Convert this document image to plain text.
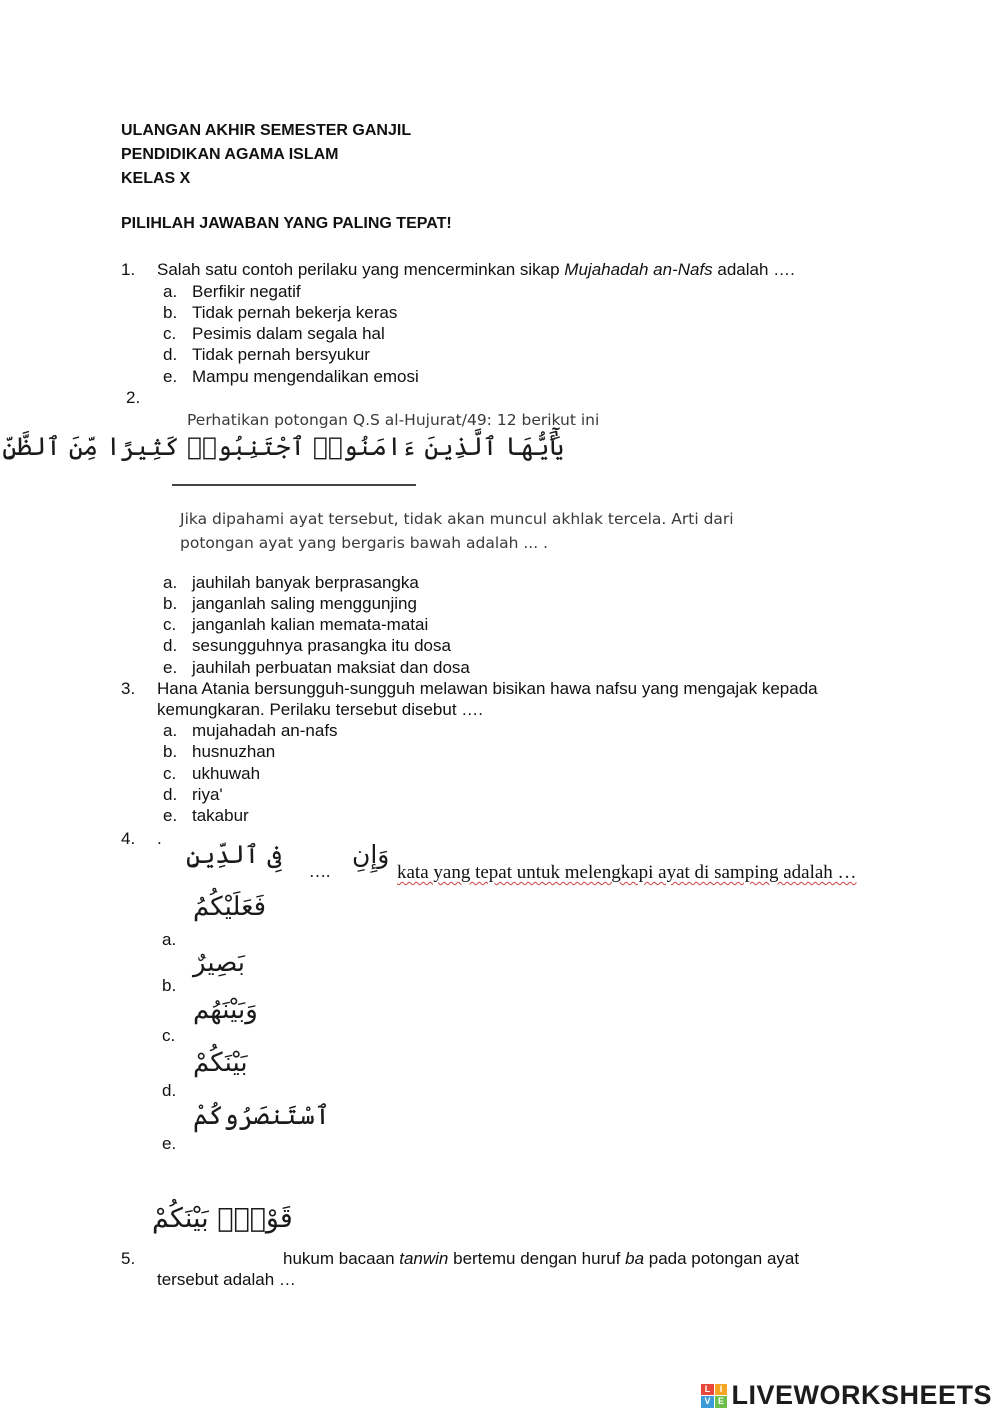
ULANGAN AKHIR SEMESTER GANJIL
PENDIDIKAN AGAMA ISLAM
KELAS X
PILIHLAH JAWABAN YANG PALING TEPAT!
1. Salah satu contoh perilaku yang mencerminkan sikap Mujahadah an-Nafs adalah ….
a. Berfikir negatif
b. Tidak pernah bekerja keras
c. Pesimis dalam segala hal
d. Tidak pernah bersyukur
e. Mampu mengendalikan emosi
2.
Perhatikan potongan Q.S al-Hujurat/49: 12 berikut ini
يَٰٓأَيُّهَا ٱلَّذِينَ ءَامَنُوا۟ ٱجْتَنِبُوا۟ كَثِيرًا مِّنَ ٱلظَّنِّ
Jika dipahami ayat tersebut, tidak akan muncul akhlak tercela. Arti dari
potongan ayat yang bergaris bawah adalah ... .
a. jauhilah banyak berprasangka
b. janganlah saling menggunjing
c. janganlah kalian memata-matai
d. sesungguhnya prasangka itu dosa
e. jauhilah perbuatan maksiat dan dosa
3. Hana Atania bersungguh-sungguh melawan bisikan hawa nafsu yang mengajak kepada
kemungkaran. Perilaku tersebut disebut ….
a. mujahadah an-nafs
b. husnuzhan
c. ukhuwah
d. riya'
e. takabur
4. .
فِى ٱلدِّينِ
….
وَإِنِ
kata yang tepat untuk melengkapi ayat di samping adalah …
a.
فَعَلَيْكُمُ
b.
بَصِيرٌ
c.
وَبَيْنَهُم
d.
بَيْنَكُمْ
e.
ٱسْتَنصَرُوكُمْ
قَوْمٍۭ بَيْنَكُمْ
5.	hukum bacaan tanwin bertemu dengan huruf ba pada potongan ayat
tersebut adalah …
L I
V E LIVEWORKSHEETS
